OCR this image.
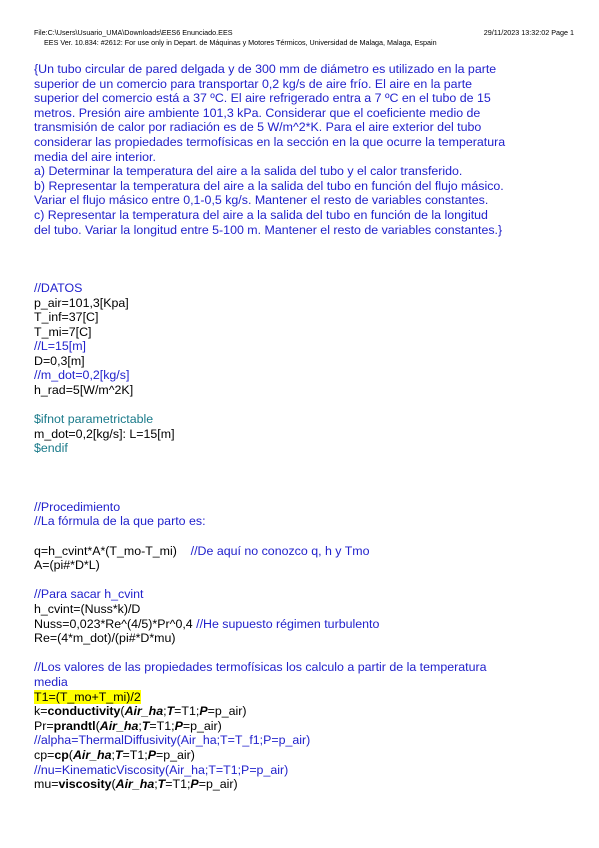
File:C:\Users\Usuario_UMA\Downloads\EES6 Enunciado.EES	29/11/2023 13:32:02 Page 1
EES Ver. 10.834: #2612: For use only in Depart. de Máquinas y Motores Térmicos, Universidad de Malaga, Malaga, Espain
{Un tubo circular de pared delgada y de 300 mm de diámetro es utilizado en la parte
superior de un comercio para transportar 0,2 kg/s de aire frío. El aire en la parte
superior del comercio está a 37 ºC. El aire refrigerado entra a 7 ºC en el tubo de 15
metros. Presión aire ambiente 101,3 kPa. Considerar que el coeficiente medio de
transmisión de calor por radiación es de 5 W/m^2*K. Para el aire exterior del tubo
considerar las propiedades termofísicas en la sección en la que ocurre la temperatura
media del aire interior.
a) Determinar la temperatura del aire a la salida del tubo y el calor transferido.
b) Representar la temperatura del aire a la salida del tubo en función del flujo másico.
Variar el flujo másico entre 0,1-0,5 kg/s. Mantener el resto de variables constantes.
c) Representar la temperatura del aire a la salida del tubo en función de la longitud
del tubo. Variar la longitud entre 5-100 m. Mantener el resto de variables constantes.}
//DATOS
p_air=101,3[Kpa]
T_inf=37[C]
T_mi=7[C]
//L=15[m]
D=0,3[m]
//m_dot=0,2[kg/s]
h_rad=5[W/m^2K]
$ifnot parametrictable
m_dot=0,2[kg/s]: L=15[m]
$endif
//Procedimiento
//La fórmula de la que parto es:
q=h_cvint*A*(T_mo-T_mi)    //De aquí no conozco q, h y Tmo
A=(pi#*D*L)
//Para sacar h_cvint
h_cvint=(Nuss*k)/D
Nuss=0,023*Re^(4/5)*Pr^0,4 //He supuesto régimen turbulento
Re=(4*m_dot)/(pi#*D*mu)
//Los valores de las propiedades termofísicas los calculo a partir de la temperatura
media
T1=(T_mo+T_mi)/2
k=conductivity(Air_ha;T=T1;P=p_air)
Pr=prandtl(Air_ha;T=T1;P=p_air)
//alpha=ThermalDiffusivity(Air_ha;T=T_f1;P=p_air)
cp=cp(Air_ha;T=T1;P=p_air)
//nu=KinematicViscosity(Air_ha;T=T1;P=p_air)
mu=viscosity(Air_ha;T=T1;P=p_air)
